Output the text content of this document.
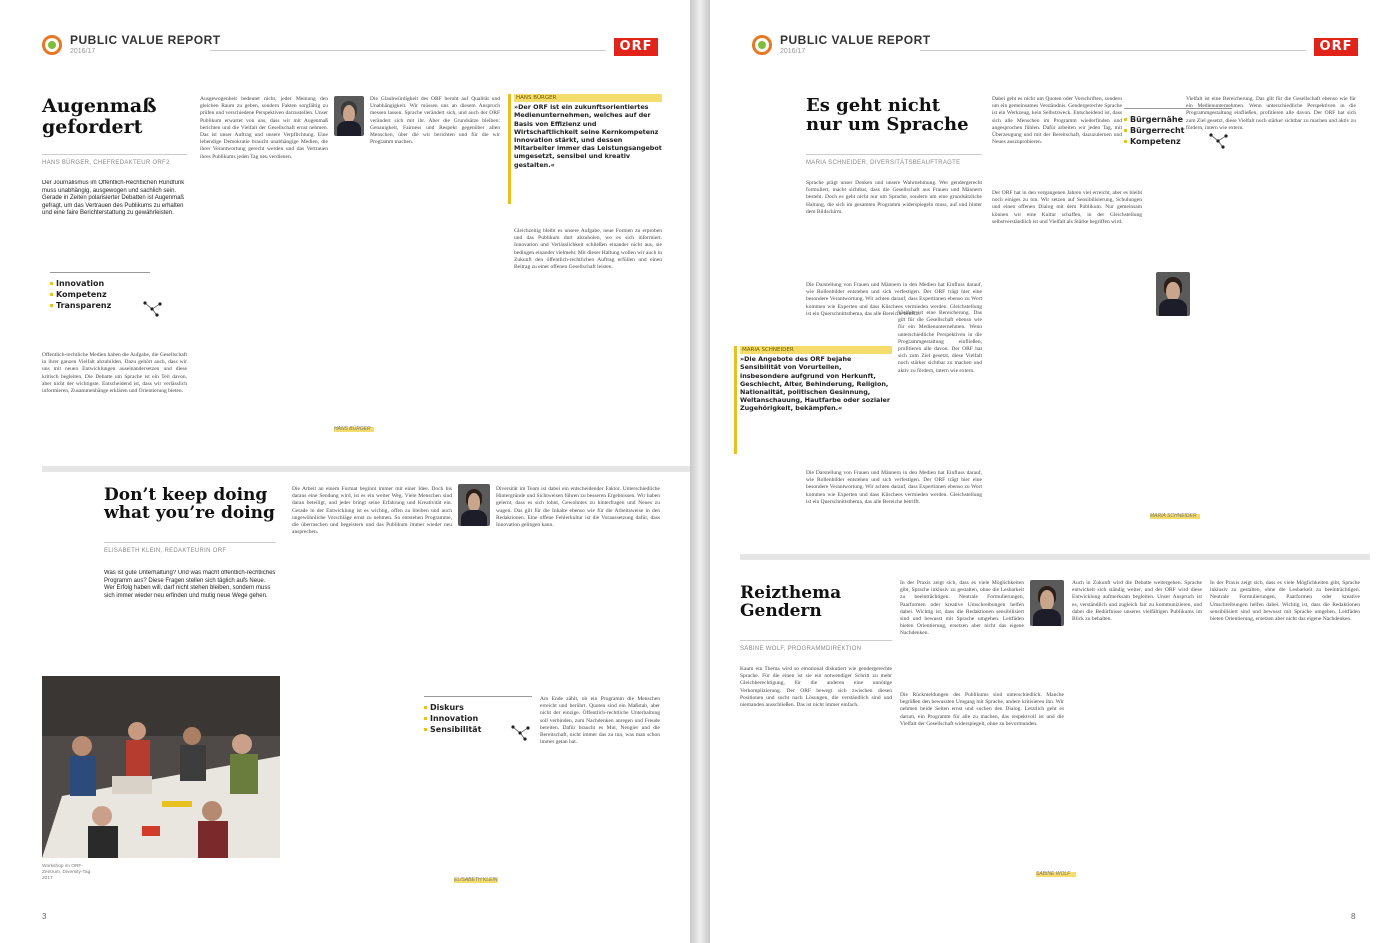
PUBLIC VALUE REPORT
2016/17	ORF
Augenmaß
gefordert
HANS BÜRGER, CHEFREDAKTEUR ORF2
Der Journalismus im Öffentlich-Rechtlichen Rundfunk muss unabhängig, ausgewogen und sachlich sein. Gerade in Zeiten polarisierter Debatten ist Augenmaß gefragt, um das Vertrauen des Publikums zu erhalten und eine faire Berichterstattung zu gewährleisten.
Innovation
Kompetenz
Transparenz
Öffentlich-rechtliche Medien haben die Aufgabe, die Gesellschaft in ihrer ganzen Vielfalt abzubilden. Dazu gehört auch, dass wir uns mit neuen Entwicklungen auseinandersetzen und diese kritisch begleiten. Die Debatte um Sprache ist ein Teil davon, aber nicht der wichtigste. Entscheidend ist, dass wir verlässlich informieren, Zusammenhänge erklären und Orientierung bieten.
Ausgewogenheit bedeutet nicht, jeder Meinung den gleichen Raum zu geben, sondern Fakten sorgfältig zu prüfen und verschiedene Perspektiven darzustellen. Unser Publikum erwartet von uns, dass wir mit Augenmaß berichten und die Vielfalt der Gesellschaft ernst nehmen. Das ist unser Auftrag und unsere Verpflichtung. Eine lebendige Demokratie braucht unabhängige Medien, die ihrer Verantwortung gerecht werden und das Vertrauen ihres Publikums jeden Tag neu verdienen.
Die Glaubwürdigkeit des ORF beruht auf Qualität und Unabhängigkeit. Wir müssen uns an diesem Anspruch messen lassen. Sprache verändert sich, und auch der ORF verändert sich mit ihr. Aber die Grundsätze bleiben: Genauigkeit, Fairness und Respekt gegenüber allen Menschen, über die wir berichten und für die wir Programm machen.
HANS BÜRGER
HANS BÜRGER
»Der ORF ist ein zukunftsorientiertes Medienunternehmen, welches auf der Basis von Effizienz und Wirtschaftlichkeit seine Kernkompetenz Innovation stärkt, und dessen Mitarbeiter immer das Leistungsangebot umgesetzt, sensibel und kreativ gestalten.«
Gleichzeitig bleibt es unsere Aufgabe, neue Formen zu erproben und das Publikum dort abzuholen, wo es sich informiert. Innovation und Verlässlichkeit schließen einander nicht aus, sie bedingen einander vielmehr. Mit dieser Haltung wollen wir auch in Zukunft den öffentlich-rechtlichen Auftrag erfüllen und einen Beitrag zu einer offenen Gesellschaft leisten.
Don’t keep doing
what you’re doing
ELISABETH KLEIN, REDAKTEURIN ORF
Was ist gute Unterhaltung? Und was macht öffentlich-rechtliches Programm aus? Diese Fragen stellen sich täglich aufs Neue. Wer Erfolg haben will, darf nicht stehen bleiben, sondern muss sich immer wieder neu erfinden und mutig neue Wege gehen.
Workshop im ORF-Zentrum, Diversity-Tag 2017
Die Arbeit an einem Format beginnt immer mit einer Idee. Doch bis daraus eine Sendung wird, ist es ein weiter Weg. Viele Menschen sind daran beteiligt, und jeder bringt seine Erfahrung und Kreativität ein. Gerade in der Entwicklung ist es wichtig, offen zu bleiben und auch ungewöhnliche Vorschläge ernst zu nehmen. So entstehen Programme, die überraschen und begeistern und das Publikum immer wieder neu ansprechen.
Diversität im Team ist dabei ein entscheidender Faktor. Unterschiedliche Hintergründe und Sichtweisen führen zu besseren Ergebnissen. Wir haben gelernt, dass es sich lohnt, Gewohntes zu hinterfragen und Neues zu wagen. Das gilt für die Inhalte ebenso wie für die Arbeitsweise in den Redaktionen. Eine offene Fehlerkultur ist die Voraussetzung dafür, dass Innovation gelingen kann.
Diskurs
Innovation
Sensibilität
Am Ende zählt, ob ein Programm die Menschen erreicht und berührt. Quoten sind ein Maßstab, aber nicht der einzige. Öffentlich-rechtliche Unterhaltung soll verbinden, zum Nachdenken anregen und Freude bereiten. Dafür braucht es Mut, Neugier und die Bereitschaft, nicht immer das zu tun, was man schon immer getan hat.
ELISABETH KLEIN
3
PUBLIC VALUE REPORT
2016/17	ORF
Es geht nicht
nur um Sprache
MARIA SCHNEIDER, DIVERSITÄTSBEAUFTRAGTE
Sprache prägt unser Denken und unsere Wahrnehmung. Wer gendergerecht formuliert, macht sichtbar, dass die Gesellschaft aus Frauen und Männern besteht. Doch es geht nicht nur um Sprache, sondern um eine grundsätzliche Haltung, die sich im gesamten Programm widerspiegeln muss, auf und hinter dem Bildschirm.
Die Darstellung von Frauen und Männern in den Medien hat Einfluss darauf, wie Rollenbilder entstehen und sich verfestigen. Der ORF trägt hier eine besondere Verantwortung. Wir achten darauf, dass Expertinnen ebenso zu Wort kommen wie Experten und dass Klischees vermieden werden. Gleichstellung ist ein Querschnittsthema, das alle Bereiche betrifft.
MARIA SCHNEIDER
»Die Angebote des ORF bejahe Sensibilität von Vorurteilen, insbesondere aufgrund von Herkunft, Geschlecht, Alter, Behinderung, Religion, Nationalität, politischen Gesinnung, Weltanschauung, Hautfarbe oder sozialer Zugehörigkeit, bekämpfen.«
Vielfalt ist eine Bereicherung. Das gilt für die Gesellschaft ebenso wie für ein Medienunternehmen. Wenn unterschiedliche Perspektiven in die Programmgestaltung einfließen, profitieren alle davon. Der ORF hat sich zum Ziel gesetzt, diese Vielfalt noch stärker sichtbar zu machen und aktiv zu fördern, intern wie extern.
Die Darstellung von Frauen und Männern in den Medien hat Einfluss darauf, wie Rollenbilder entstehen und sich verfestigen. Der ORF trägt hier eine besondere Verantwortung. Wir achten darauf, dass Expertinnen ebenso zu Wort kommen wie Experten und dass Klischees vermieden werden. Gleichstellung ist ein Querschnittsthema, das alle Bereiche betrifft.
Dabei geht es nicht um Quoten oder Vorschriften, sondern um ein gemeinsames Verständnis. Gendergerechte Sprache ist ein Werkzeug, kein Selbstzweck. Entscheidend ist, dass sich alle Menschen im Programm wiederfinden und angesprochen fühlen. Dafür arbeiten wir jeden Tag, mit Überzeugung und mit der Bereitschaft, dazuzulernen und Neues auszuprobieren.
Bürgernähe
Bürgerrecht
Kompetenz
Der ORF hat in den vergangenen Jahren viel erreicht, aber es bleibt noch einiges zu tun. Wir setzen auf Sensibilisierung, Schulungen und einen offenen Dialog mit dem Publikum. Nur gemeinsam können wir eine Kultur schaffen, in der Gleichstellung selbstverständlich ist und Vielfalt als Stärke begriffen wird.
Vielfalt ist eine Bereicherung. Das gilt für die Gesellschaft ebenso wie für ein Medienunternehmen. Wenn unterschiedliche Perspektiven in die Programmgestaltung einfließen, profitieren alle davon. Der ORF hat sich zum Ziel gesetzt, diese Vielfalt noch stärker sichtbar zu machen und aktiv zu fördern, intern wie extern.
MARIA SCHNEIDER
Reizthema
Gendern
SABINE WOLF, PROGRAMMDIREKTION
Kaum ein Thema wird so emotional diskutiert wie gendergerechte Sprache. Für die einen ist sie ein notwendiger Schritt zu mehr Gleichberechtigung, für die anderen eine unnötige Verkomplizierung. Der ORF bewegt sich zwischen diesen Positionen und sucht nach Lösungen, die verständlich sind und niemanden ausschließen. Das ist nicht immer einfach.
In der Praxis zeigt sich, dass es viele Möglichkeiten gibt, Sprache inklusiv zu gestalten, ohne die Lesbarkeit zu beeinträchtigen. Neutrale Formulierungen, Paarformen oder kreative Umschreibungen helfen dabei. Wichtig ist, dass die Redaktionen sensibilisiert sind und bewusst mit Sprache umgehen. Leitfäden bieten Orientierung, ersetzen aber nicht das eigene Nachdenken.
Die Rückmeldungen des Publikums sind unterschiedlich. Manche begrüßen den bewussten Umgang mit Sprache, andere kritisieren ihn. Wir nehmen beide Seiten ernst und suchen den Dialog. Letztlich geht es darum, ein Programm für alle zu machen, das respektvoll ist und die Vielfalt der Gesellschaft widerspiegelt, ohne zu bevormunden.
Auch in Zukunft wird die Debatte weitergehen. Sprache entwickelt sich ständig weiter, und der ORF wird diese Entwicklung aufmerksam begleiten. Unser Anspruch ist es, verständlich und zugleich fair zu kommunizieren, und dabei die Bedürfnisse unseres vielfältigen Publikums im Blick zu behalten.
In der Praxis zeigt sich, dass es viele Möglichkeiten gibt, Sprache inklusiv zu gestalten, ohne die Lesbarkeit zu beeinträchtigen. Neutrale Formulierungen, Paarformen oder kreative Umschreibungen helfen dabei. Wichtig ist, dass die Redaktionen sensibilisiert sind und bewusst mit Sprache umgehen. Leitfäden bieten Orientierung, ersetzen aber nicht das eigene Nachdenken.
SABINE WOLF
8
